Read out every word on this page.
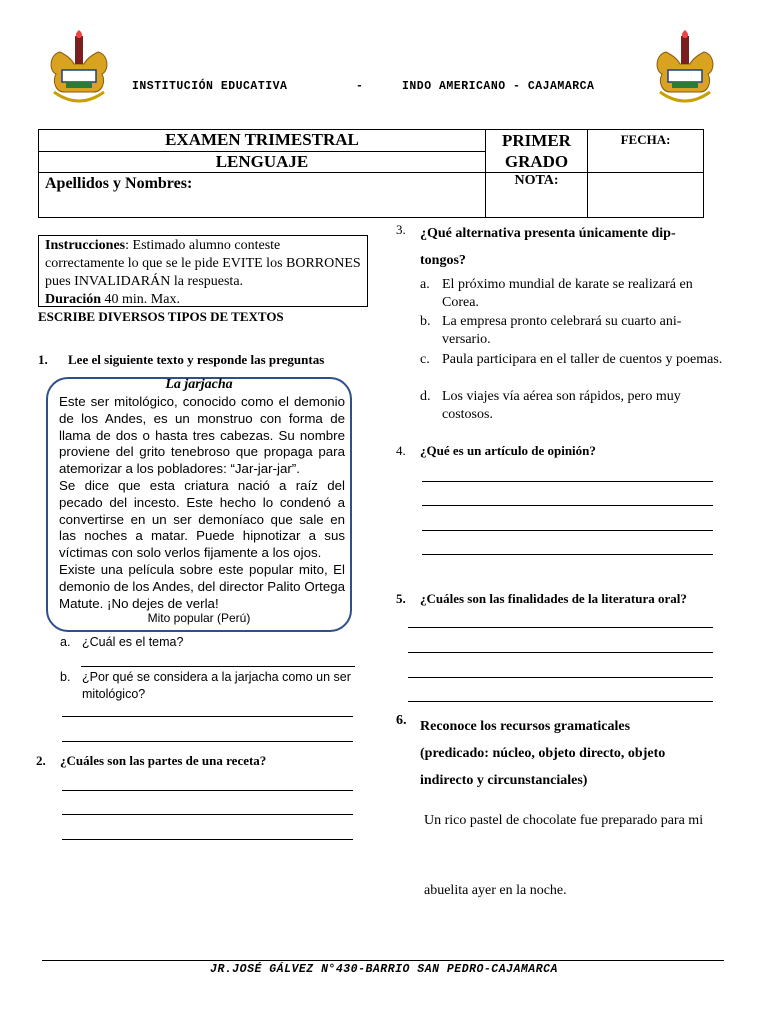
INSTITUCIÓN EDUCATIVA	-	INDO AMERICANO - CAJAMARCA
EXAMEN TRIMESTRAL	PRIMER
GRADO	FECHA:
LENGUAJE		
Apellidos y Nombres:	NOTA:	
Instrucciones: Estimado alumno conteste correctamente lo que se le pide EVITE los BORRONES pues INVALIDARÁN la respuesta.
Duración 40 min. Max.
ESCRIBE DIVERSOS TIPOS DE TEXTOS
1. Lee el siguiente texto y responde las preguntas
La jarjacha
Este ser mitológico, conocido como el demonio de los Andes, es un monstruo con forma de llama de dos o hasta tres cabezas. Su nombre proviene del grito tenebroso que propaga para atemorizar a los pobladores: “Jar-jar-jar”.
Se dice que esta criatura nació a raíz del pecado del incesto. Este hecho lo condenó a convertirse en un ser demoníaco que sale en las noches a matar. Puede hipnotizar a sus víctimas con solo verlos fijamente a los ojos.
Existe una película sobre este popular mito, El demonio de los Andes, del director Palito Ortega Matute. ¡No dejes de verla!
Mito popular (Perú)
a. ¿Cuál es el tema?
b. ¿Por qué se considera a la jarjacha como un ser mitológico?
2. ¿Cuáles son las partes de una receta?
3. ¿Qué alternativa presenta únicamente dip-
tongos?
a. El próximo mundial de karate se realizará en Corea.
b. La empresa pronto celebrará su cuarto ani-versario.
c. Paula participara en el taller de cuentos y poemas.
d. Los viajes vía aérea son rápidos, pero muy costosos.
4. ¿Qué es un artículo de opinión?
5. ¿Cuáles son las finalidades de la literatura oral?
6. Reconoce los recursos gramaticales
(predicado: núcleo, objeto directo, objeto
indirecto y circunstanciales)
Un rico pastel de chocolate fue preparado para mi
abuelita ayer en la noche.
JR.JOSÉ GÁLVEZ N°430-BARRIO SAN PEDRO-CAJAMARCA
